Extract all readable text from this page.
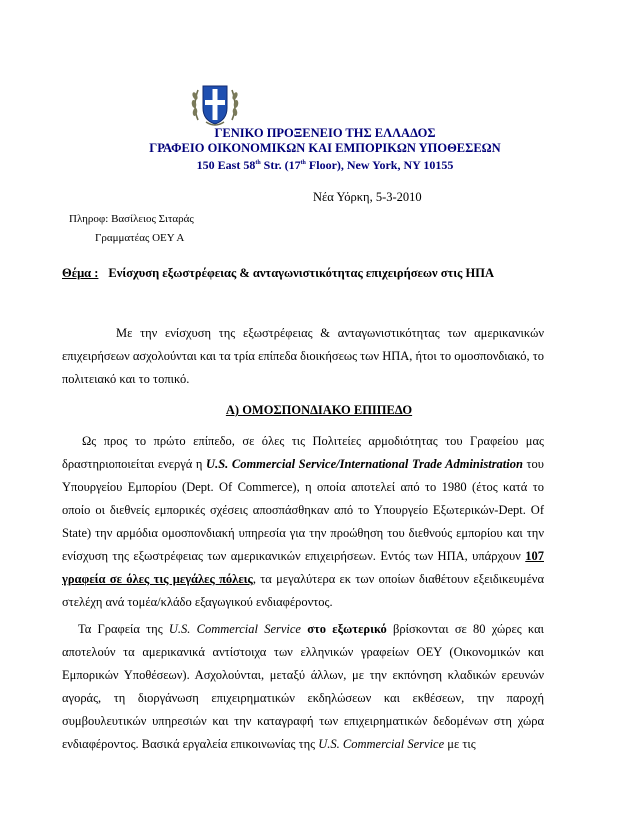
ΓΕΝΙΚΟ ΠΡΟΞΕΝΕΙΟ ΤΗΣ ΕΛΛΑΔΟΣ
ΓΡΑΦΕΙΟ ΟΙΚΟΝΟΜΙΚΩΝ ΚΑΙ ΕΜΠΟΡΙΚΩΝ ΥΠΟΘΕΣΕΩΝ
150 East 58th Str. (17th Floor), New York, NY 10155
Νέα Υόρκη, 5-3-2010
Πληροφ: Βασίλειος Σιταράς
Γραμματέας ΟΕΥ Α
Θέμα : Ενίσχυση εξωστρέφειας & ανταγωνιστικότητας επιχειρήσεων στις ΗΠΑ
Με την ενίσχυση της εξωστρέφειας & ανταγωνιστικότητας των αμερικανικών επιχειρήσεων ασχολούνται και τα τρία επίπεδα διοικήσεως των ΗΠΑ, ήτοι το ομοσπονδιακό, το πολιτειακό και το τοπικό.
Α) ΟΜΟΣΠΟΝΔΙΑΚΟ ΕΠΙΠΕΔΟ
Ως προς το πρώτο επίπεδο, σε όλες τις Πολιτείες αρμοδιότητας του Γραφείου μας δραστηριοποιείται ενεργά η U.S. Commercial Service/International Trade Administration του Υπουργείου Εμπορίου (Dept. Of Commerce), η οποία αποτελεί από το 1980 (έτος κατά το οποίο οι διεθνείς εμπορικές σχέσεις αποσπάσθηκαν από το Υπουργείο Εξωτερικών-Dept. Of State) την αρμόδια ομοσπονδιακή υπηρεσία για την προώθηση του διεθνούς εμπορίου και την ενίσχυση της εξωστρέφειας των αμερικανικών επιχειρήσεων. Εντός των ΗΠΑ, υπάρχουν 107 γραφεία σε όλες τις μεγάλες πόλεις, τα μεγαλύτερα εκ των οποίων διαθέτουν εξειδικευμένα στελέχη ανά τομέα/κλάδο εξαγωγικού ενδιαφέροντος.
Τα Γραφεία της U.S. Commercial Service στο εξωτερικό βρίσκονται σε 80 χώρες και αποτελούν τα αμερικανικά αντίστοιχα των ελληνικών γραφείων ΟΕΥ (Οικονομικών και Εμπορικών Υποθέσεων). Ασχολούνται, μεταξύ άλλων, με την εκπόνηση κλαδικών ερευνών αγοράς, τη διοργάνωση επιχειρηματικών εκδηλώσεων και εκθέσεων, την παροχή συμβουλευτικών υπηρεσιών και την καταγραφή των επιχειρηματικών δεδομένων στη χώρα ενδιαφέροντος. Βασικά εργαλεία επικοινωνίας της U.S. Commercial Service με τις
